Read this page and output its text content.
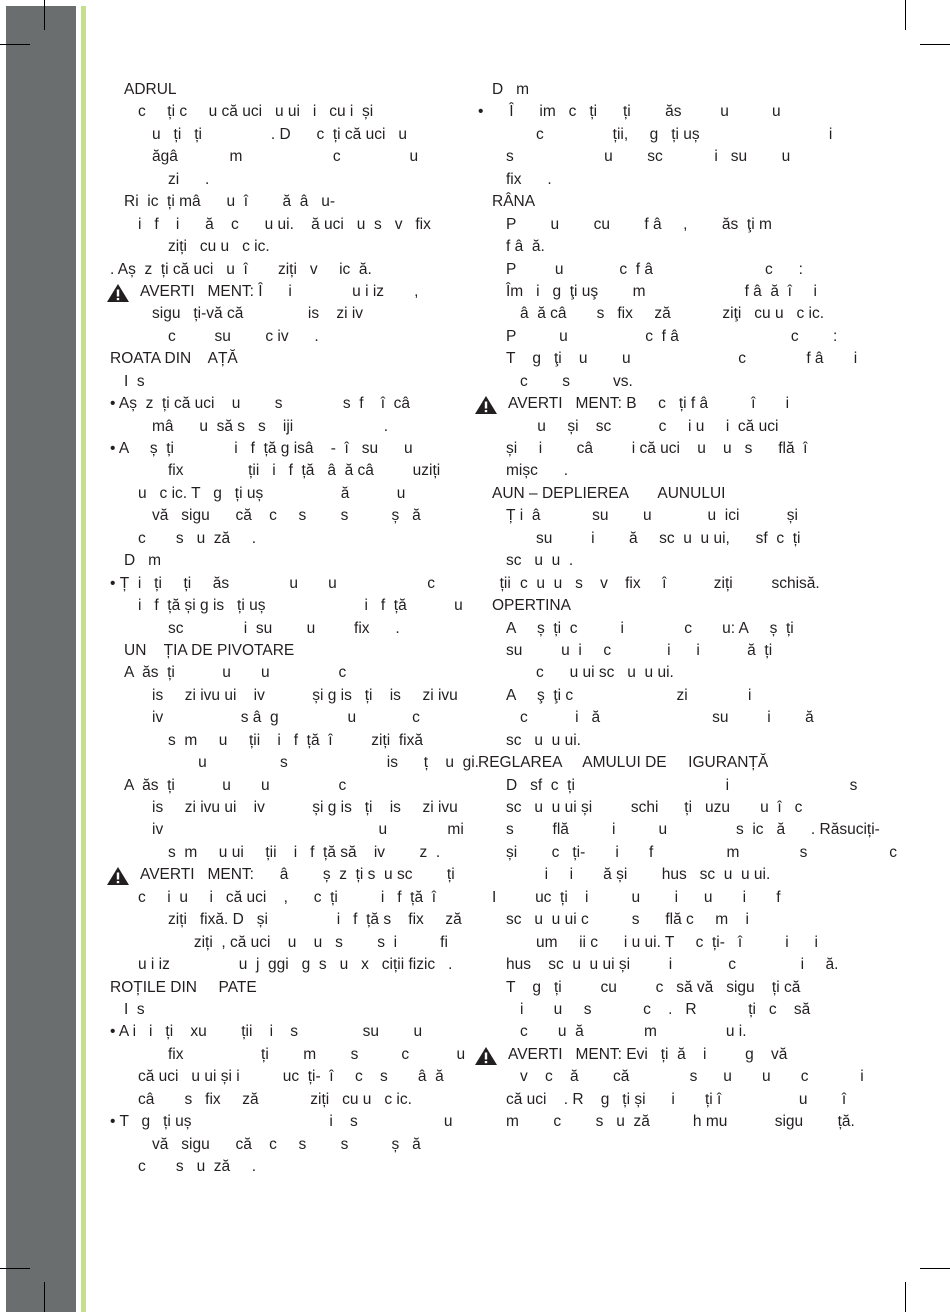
ADRUL
c     ți c     u că uci   u ui   i   cu i  și
u   ți   ți                . D      c  ți că uci   u
ăgâ            m                     c                u
zi      .
Ri  ic  ți mâ      u  î        ă  â   u-
i   f    i      ă    c      u ui.    ă uci   u  s   v   fix
ziți   cu u   c ic.
. Aș  z  ți că uci   u  î       ziți   v     ic  ă.
AVERTI   MENT: Î      i              u i iz       ,
sigu   ți-vă că               is    zi iv
c         su        c iv      .
ROATA DIN    AȚĂ
I  s
• Aș  z  ți că uci    u        s              s  f    î  câ
mâ      u  să s   s    iji                     .
• A     ș  ți              i   f  ță g isâ    -  î   su      u
fix               ții   i   f  ță   â  ă câ         uziți
u   c ic. T   g   ți uș                  ă           u
vă   sigu      că    c     s        s          ș   ă
c       s   u  ză     .
D   m
• Ț  i   ți     ți     ăs              u       u                     c               ții
i   f  ță și g is   ți uș                       i   f  ță           u
sc              i  su        u         fix      .
UN    ȚIA DE PIVOTARE
A  ăs  ți           u       u                c
is     zi ivu ui    iv           și g is   ți    is     zi ivu
iv                  s â  g                u             c
s  m     u     ții    i   f  ță  î         ziți  fixă
u                 s                       is      ț    u  gi.
A  ăs  ți           u       u                c
is     zi ivu ui    iv           și g is   ți    is     zi ivu
iv                                                  u              mi
s  m     u ui     ții    i   f  ță să    iv        z  .
AVERTI   MENT:      â        ș  z  ți s  u sc        ți
c     i  u     i   că uci    ,      c  ți          i   f  ță  î
ziți   fixă. D   și                i   f  ță s    fix     ză
ziți  , că uci    u    u   s        s  i          fi
u i iz                u  j  ggi   g  s   u   x   ciții fizic   .
ROȚILE DIN     PATE
I  s
• A i   i   ți    xu        ții    i    s               su        u
fix                  ți        m        s          c           u
că uci   u ui și i          uc  ți-  î     c    s       â  ă
câ       s   fix     ză            ziți   cu u   c ic.
• T   g   ți uș                                i    s                    u
vă   sigu      că    c     s        s          ș   ă
c       s   u  ză     .
D   m
•      Î      im   c   ți      ți        ăs         u          u
c                ții,     g   ți uș                              i
s                     u        sc            i   su        u
fix      .
RÂNA
P        u        cu        f â     ,        ăs  ţi m
f â  ă.
P         u             c  f â                          c      :
Îm   i   g  ţi uş        m                       f â  ă  î     i
â  ă câ       s   fix     ză            ziţi   cu u   c ic.
P          u                  c  f â                          c        :
T    g   ţi    u        u                         c              f â       i
c        s          vs.
AVERTI   MENT: B     c   ți f â          î       i
u     și    sc           c     i u     i  că uci
și     i        câ         i că uci    u    u   s      flă  î
mișc      .
AUN – DEPLIEREA       AUNULUI
Ț i  â            su        u             u  ici           și
su         i        ă     sc  u  u ui,      sf  c  ți
sc   u  u  .
c  u  u   s    v    fix     î           ziți         schisă.
OPERTINA
A     ș  ți  c          i              c       u: A     ș  ți
su         u  i     c             i      i           ă  ți
c      u ui sc   u  u ui.
A     ş  ţi c                        zi              i
c           i   ă                          su         i        ă
sc   u  u ui.
REGLAREA     AMULUI DE     IGURANȚĂ
D   sf  c  ți                                   i                            s
sc   u  u ui și         schi      ți   uzu       u  î   c
s         flă          i          u                s  ic   ă      . Răsuciți-
și        c   ți-       i       f                 m              s                   c
i     i       ă și        hus   sc  u  u ui.
I         uc  ți    i          u        i      u       i       f
sc   u  u ui c          s      flă c     m    i
um     ii c      i u ui. T     c  ți-   î          i      i
hus    sc  u  u ui și         i             c               i     ă.
T    g   ți         cu         c   să vă   sigu    ți că
i       u     s            c    .   R            ți   c    să
c       u  ă              m                u i.
AVERTI   MENT: Evi   ți  ă    i         g    vă
v    c    ă        că              s      u       u       c            i
că uci    . R    g   ți și      i       ți î                  u        î
m        c        s   u  ză          h mu           sigu        ță.
